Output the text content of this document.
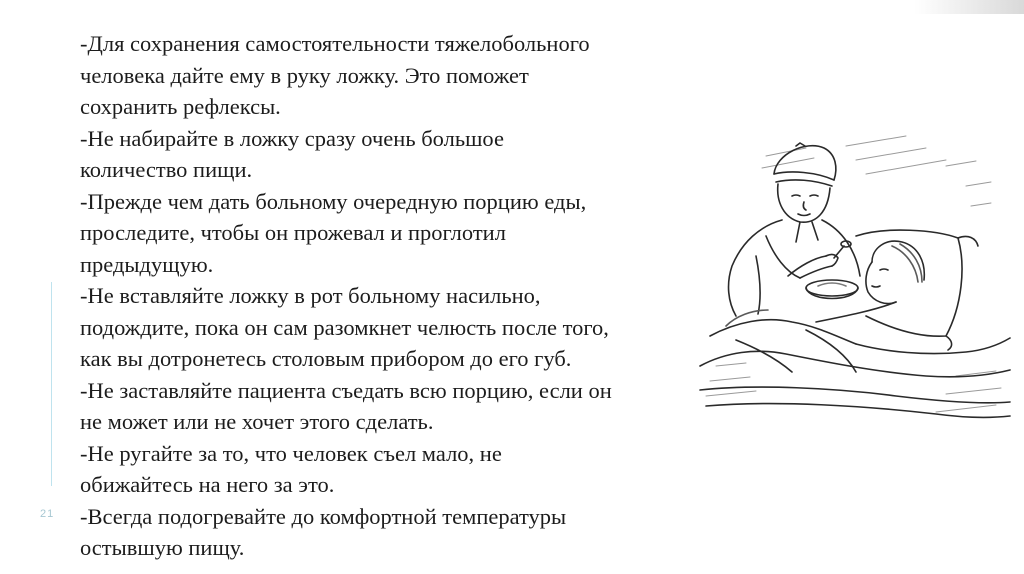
21
-Для сохранения самостоятельности тяжелобольного
человека дайте ему в руку ложку. Это поможет
сохранить рефлексы.
-Не набирайте в ложку сразу очень большое
количество пищи.
-Прежде чем дать больному очередную порцию еды,
проследите, чтобы он прожевал и проглотил
предыдущую.
-Не вставляйте ложку в рот больному насильно,
подождите, пока он сам разомкнет челюсть после того,
как вы дотронетесь столовым прибором до его губ.
-Не заставляйте пациента съедать всю порцию, если он
не может или не хочет этого сделать.
-Не ругайте за то, что человек съел мало, не
обижайтесь на него за это.
-Всегда подогревайте до комфортной температуры
остывшую пищу.
